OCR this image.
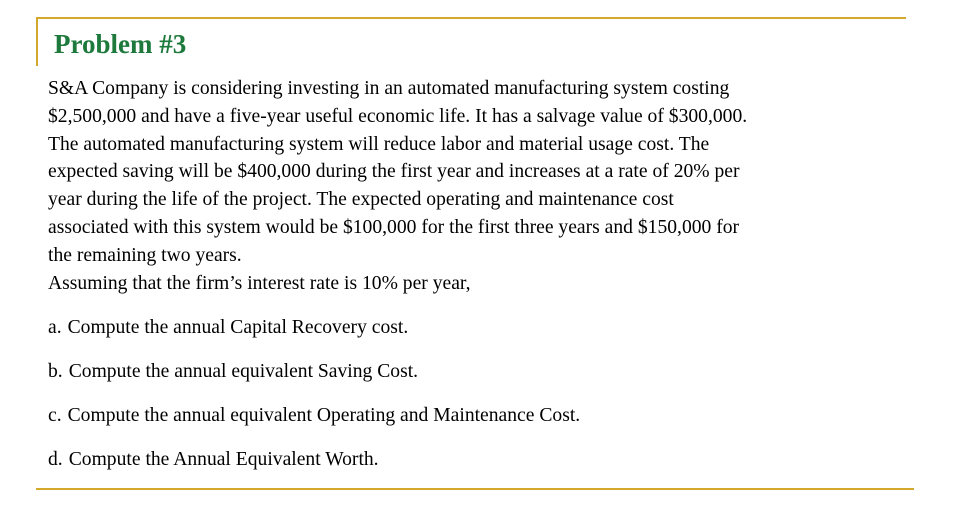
Problem #3

S&A Company is considering investing in an automated manufacturing system costing

$2,500,000 and have a five-year useful economic life. It has a salvage value of $300,000.

The automated manufacturing system will reduce labor and material usage cost. The

expected saving will be $400,000 during the first year and increases at a rate of 20% per

year during the life of the project. The expected operating and maintenance cost

associated with this system would be $100,000 for the first three years and $150,000 for

the remaining two years.

Assuming that the firm’s interest rate is 10% per year,

a. Compute the annual Capital Recovery cost.
b. Compute the annual equivalent Saving Cost.
c. Compute the annual equivalent Operating and Maintenance Cost.
d. Compute the Annual Equivalent Worth.
